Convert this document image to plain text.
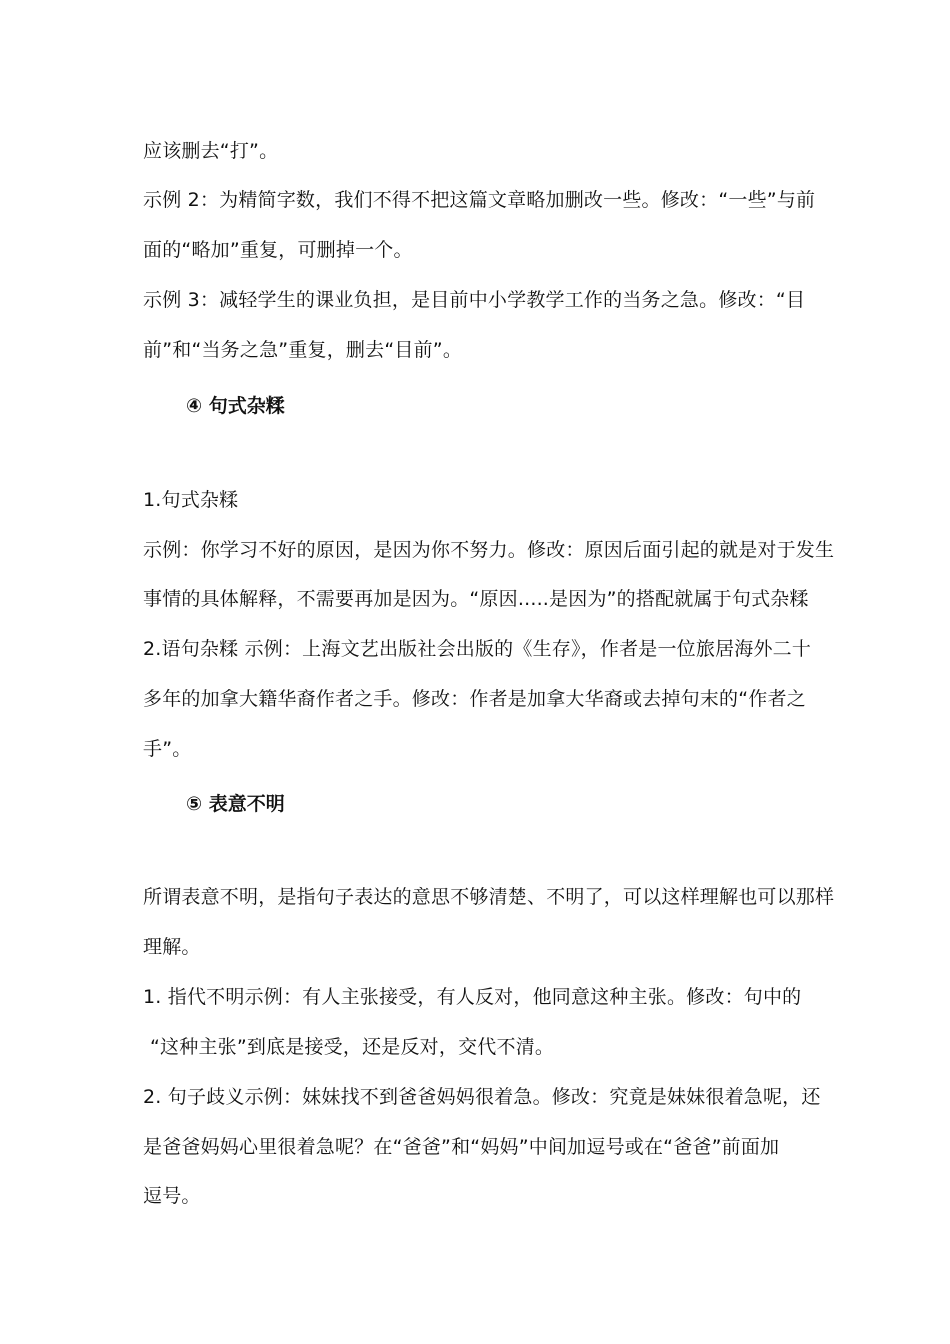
应该删去“打”。
示例 2：为精简字数，我们不得不把这篇文章略加删改一些。修改：“一些”与前
面的“略加”重复，可删掉一个。
示例 3：减轻学生的课业负担，是目前中小学教学工作的当务之急。修改：“目
前”和“当务之急”重复，删去“目前”。
④ 句式杂糅
1.句式杂糅
示例：你学习不好的原因，是因为你不努力。修改：原因后面引起的就是对于发生
事情的具体解释，不需要再加是因为。“原因.....是因为”的搭配就属于句式杂糅
2.语句杂糅 示例：上海文艺出版社会出版的《生存》，作者是一位旅居海外二十
多年的加拿大籍华裔作者之手。修改：作者是加拿大华裔或去掉句末的“作者之
手”。
⑤ 表意不明
所谓表意不明，是指句子表达的意思不够清楚、不明了，可以这样理解也可以那样
理解。
1. 指代不明示例：有人主张接受，有人反对，他同意这种主张。修改：句中的
“这种主张”到底是接受，还是反对，交代不清。
2. 句子歧义示例：妹妹找不到爸爸妈妈很着急。修改：究竟是妹妹很着急呢，还
是爸爸妈妈心里很着急呢？在“爸爸”和“妈妈”中间加逗号或在“爸爸”前面加
逗号。
